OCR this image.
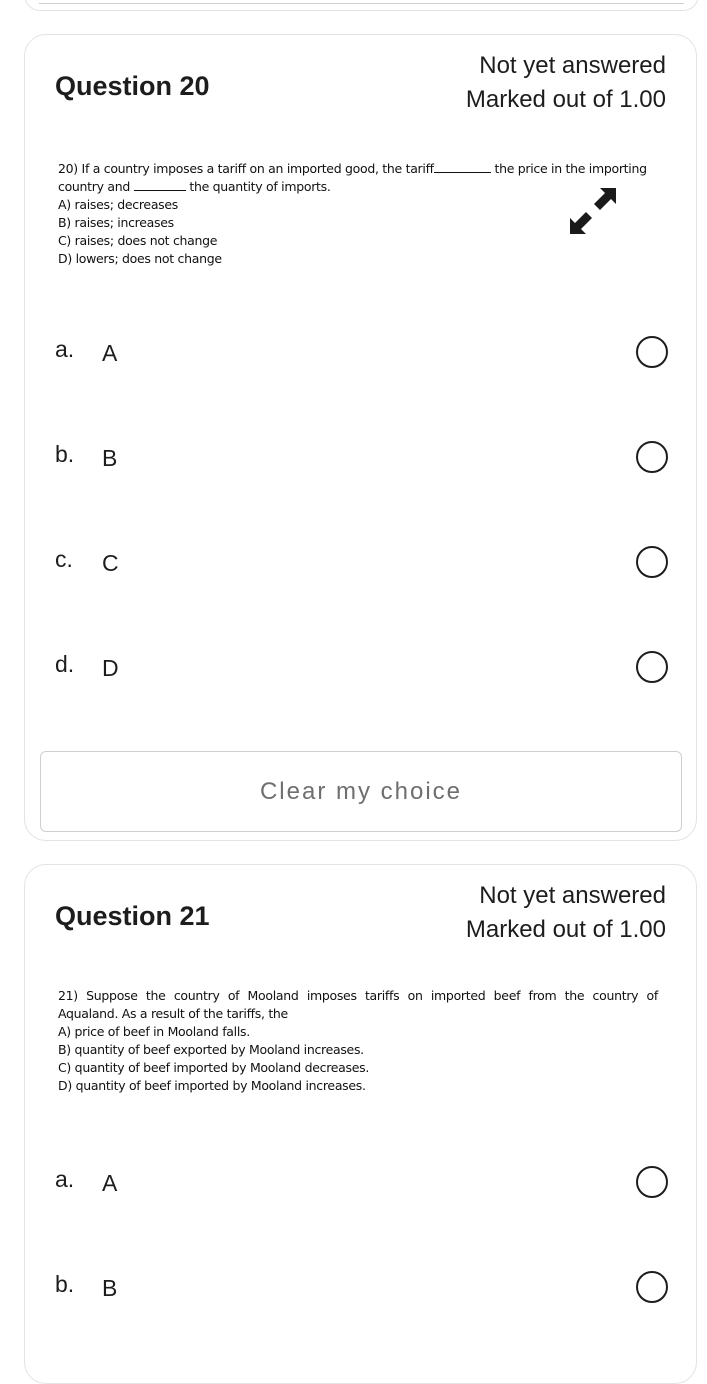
Question 20
Not yet answered
Marked out of 1.00
20) If a country imposes a tariff on an imported good, the tariff	the price in the importing
country and	the quantity of imports.
A) raises; decreases
B) raises; increases
C) raises; does not change
D) lowers; does not change
a. A
b. B
c. C
d. D
Clear my choice
Question 21
Not yet answered
Marked out of 1.00
21) Suppose the country of Mooland imposes tariffs on imported beef from the country of
Aqualand. As a result of the tariffs, the
A) price of beef in Mooland falls.
B) quantity of beef exported by Mooland increases.
C) quantity of beef imported by Mooland decreases.
D) quantity of beef imported by Mooland increases.
a. A
b. B
